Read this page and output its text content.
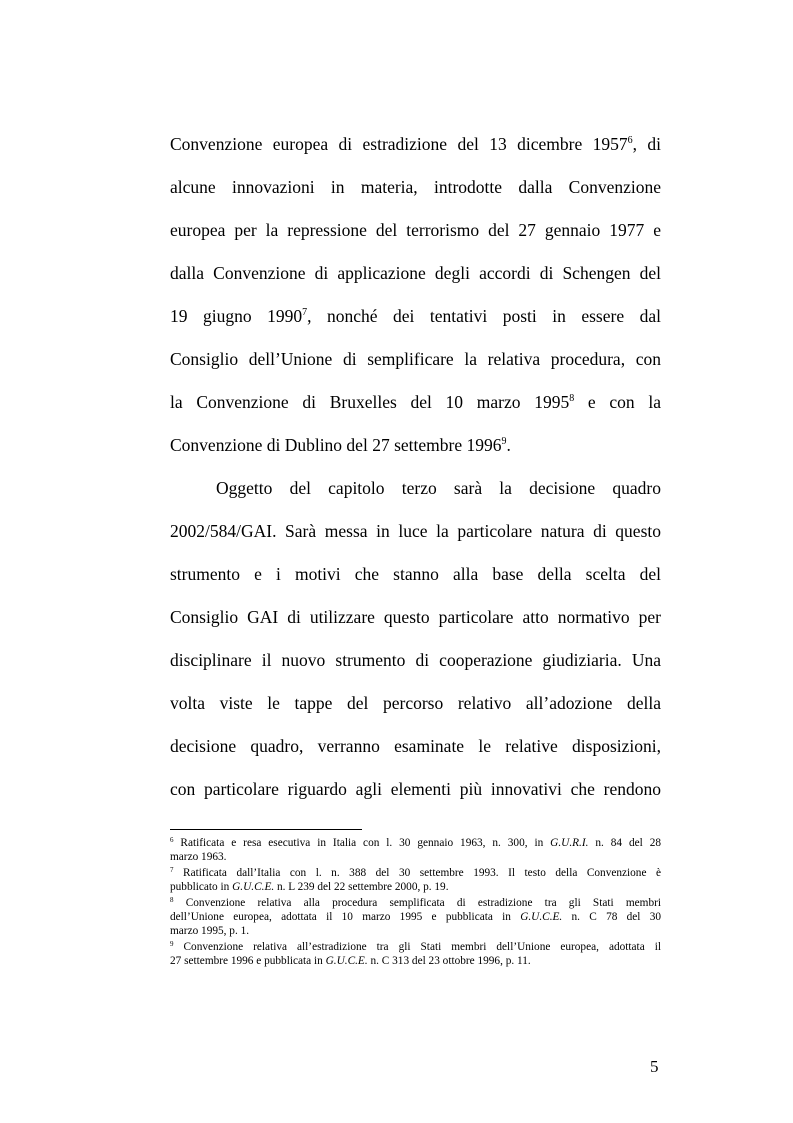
Convenzione europea di estradizione del 13 dicembre 1957$^6$, di
alcune innovazioni in materia, introdotte dalla Convenzione
europea per la repressione del terrorismo del 27 gennaio 1977 e
dalla Convenzione di applicazione degli accordi di Schengen del
19 giugno 1990$^7$, nonché dei tentativi posti in essere dal
Consiglio dell’Unione di semplificare la relativa procedura, con
la Convenzione di Bruxelles del 10 marzo 1995$^8$ e con la
Convenzione di Dublino del 27 settembre 1996$^9$.
Oggetto del capitolo terzo sarà la decisione quadro
2002/584/GAI. Sarà messa in luce la particolare natura di questo
strumento e i motivi che stanno alla base della scelta del
Consiglio GAI di utilizzare questo particolare atto normativo per
disciplinare il nuovo strumento di cooperazione giudiziaria. Una
volta viste le tappe del percorso relativo all’adozione della
decisione quadro, verranno esaminate le relative disposizioni,
con particolare riguardo agli elementi più innovativi che rendono
$^6$ Ratificata e resa esecutiva in Italia con l. 30 gennaio 1963, n. 300, in G.U.R.I. n. 84 del 28
marzo 1963.
$^7$ Ratificata dall’Italia con l. n. 388 del 30 settembre 1993. Il testo della Convenzione è
pubblicato in G.U.C.E. n. L 239 del 22 settembre 2000, p. 19.
$^8$ Convenzione relativa alla procedura semplificata di estradizione tra gli Stati membri
dell’Unione europea, adottata il 10 marzo 1995 e pubblicata in G.U.C.E. n. C 78 del 30
marzo 1995, p. 1.
$^9$ Convenzione relativa all’estradizione tra gli Stati membri dell’Unione europea, adottata il
27 settembre 1996 e pubblicata in G.U.C.E. n. C 313 del 23 ottobre 1996, p. 11.
5
